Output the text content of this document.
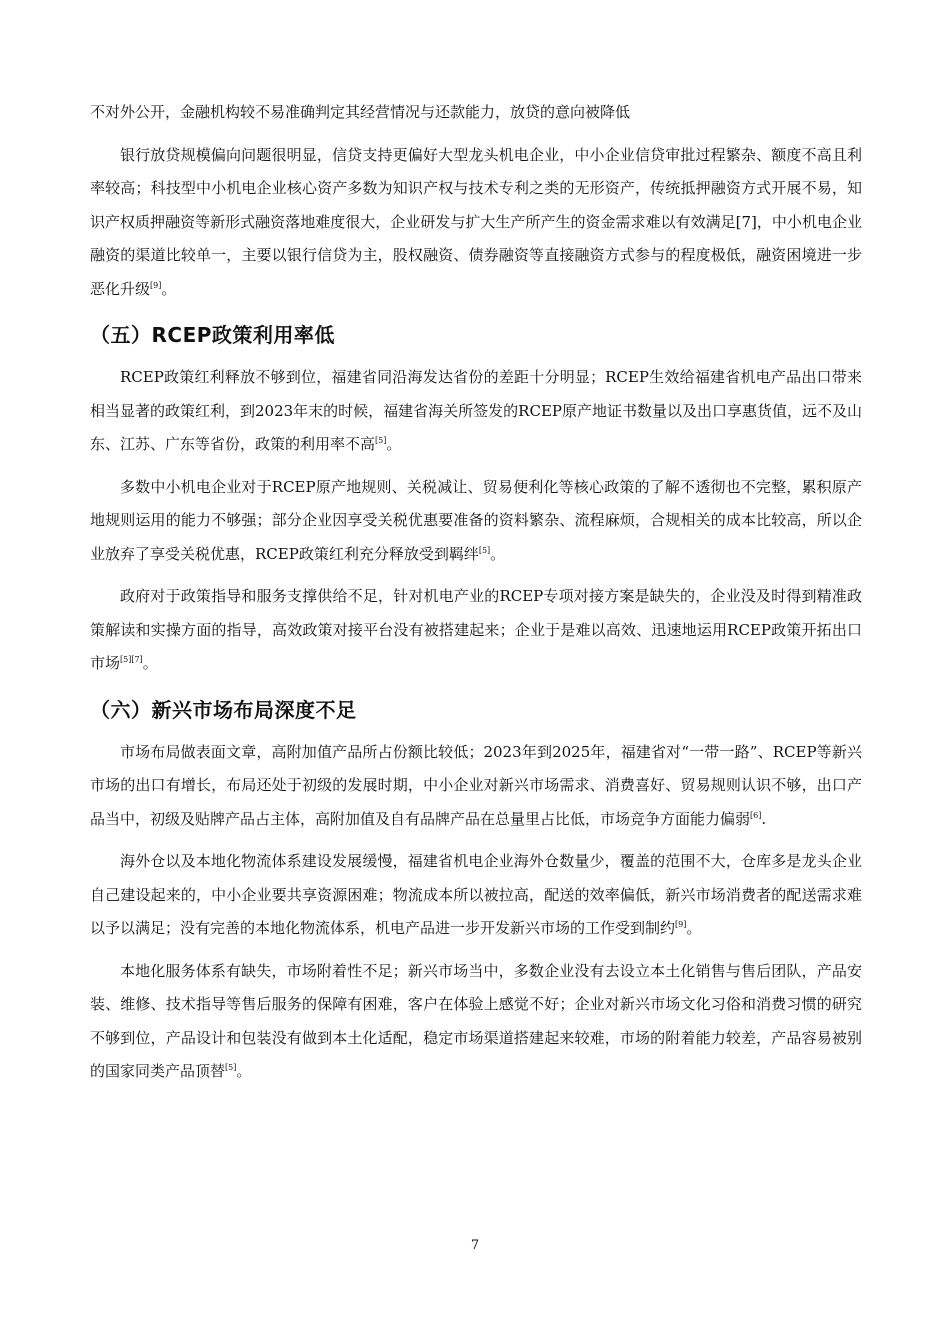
不对外公开，金融机构较不易准确判定其经营情况与还款能力，放贷的意向被降低

银行放贷规模偏向问题很明显，信贷支持更偏好大型龙头机电企业，中小企业信贷审批过程繁杂、额度不高且利率较高；科技型中小机电企业核心资产多数为知识产权与技术专利之类的无形资产，传统抵押融资方式开展不易，知识产权质押融资等新形式融资落地难度很大，企业研发与扩大生产所产生的资金需求难以有效满足[7]，中小机电企业融资的渠道比较单一，主要以银行信贷为主，股权融资、债券融资等直接融资方式参与的程度极低，融资困境进一步恶化升级[9]。

（五）RCEP政策利用率低

RCEP政策红利释放不够到位，福建省同沿海发达省份的差距十分明显；RCEP生效给福建省机电产品出口带来相当显著的政策红利，到2023年末的时候，福建省海关所签发的RCEP原产地证书数量以及出口享惠货值，远不及山东、江苏、广东等省份，政策的利用率不高[5]。

多数中小机电企业对于RCEP原产地规则、关税减让、贸易便利化等核心政策的了解不透彻也不完整，累积原产地规则运用的能力不够强；部分企业因享受关税优惠要准备的资料繁杂、流程麻烦，合规相关的成本比较高，所以企业放弃了享受关税优惠，RCEP政策红利充分释放受到羁绊[5]。

政府对于政策指导和服务支撑供给不足，针对机电产业的RCEP专项对接方案是缺失的，企业没及时得到精准政策解读和实操方面的指导，高效政策对接平台没有被搭建起来；企业于是难以高效、迅速地运用RCEP政策开拓出口市场[5][7]。

（六）新兴市场布局深度不足

市场布局做表面文章，高附加值产品所占份额比较低；2023年到2025年，福建省对“一带一路”、RCEP等新兴市场的出口有增长，布局还处于初级的发展时期，中小企业对新兴市场需求、消费喜好、贸易规则认识不够，出口产品当中，初级及贴牌产品占主体，高附加值及自有品牌产品在总量里占比低，市场竞争方面能力偏弱[6].

海外仓以及本地化物流体系建设发展缓慢，福建省机电企业海外仓数量少，覆盖的范围不大，仓库多是龙头企业自己建设起来的，中小企业要共享资源困难；物流成本所以被拉高，配送的效率偏低，新兴市场消费者的配送需求难以予以满足；没有完善的本地化物流体系，机电产品进一步开发新兴市场的工作受到制约[9]。

本地化服务体系有缺失，市场附着性不足；新兴市场当中，多数企业没有去设立本土化销售与售后团队，产品安装、维修、技术指导等售后服务的保障有困难，客户在体验上感觉不好；企业对新兴市场文化习俗和消费习惯的研究不够到位，产品设计和包装没有做到本土化适配，稳定市场渠道搭建起来较难，市场的附着能力较差，产品容易被别的国家同类产品顶替[5]。

7
